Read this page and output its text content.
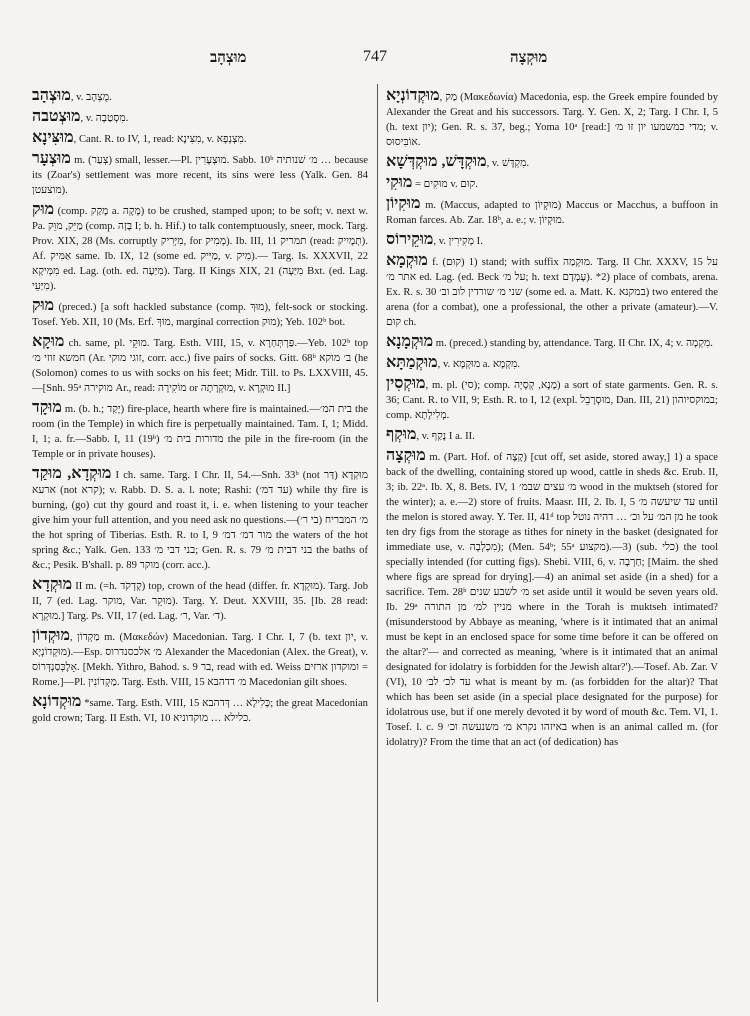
מוּצְהָב	747	מוּקְצָה

מוּצְהָב, v. מֻצְהָב.

מוּצְטבה, v. מִסְטַבָה.

מוּצִּינָא, Cant. R. to IV, 1, read: מִצִּינָא, v. מִצְנְפָא.

מוּצְעָר m. (צְעַר) small, lesser.—Pl. מוּצְעָרִין. Sabb. 10ᵇ מ׳ שׁנותיה … because its (Zoar's) settlement was more recent, its sins were less (Yalk. Gen. 84 מוצעטן).

מוּק (comp. מָקַק a. מָקָה) to be crushed, stamped upon; to be soft; v. next w. Pa. מַיֵּק, מוֵּק (comp. בָּזָה I; b. h. Hif.) to talk contemptuously, sneer, mock. Targ. Prov. XIX, 28 (Ms. corruptly מִיְּרִיק, for מְמִיק). Ib. III, 11 תמריק (read: תְמָיִיק). Af. אַמִּיק same. Ib. IX, 12 (some ed. מַיִּיק, v. מִיק).— Targ. Is. XXXVII, 22 מִמְּיקָא ed. Lag. (oth. ed. מִיַּעָה). Targ. II Kings XIX, 21 (מִיַּעָה Bxt. (ed. Lag. מִיַּעֵי).

מוּק (preced.) [a soft hackled substance (comp. מוּךְ), felt-sock or stocking. Tosef. Yeb. XII, 10 (Ms. Erf. מוּךְ, marginal correction מוּק); Yeb. 102ᵇ bot.

מוּקָא ch. same, pl. מוּקֵי. Targ. Esth. VIII, 15, v. פַּרְתְּחַרָא.—Yeb. 102ᵇ top חמשא זוזי מ׳ (Ar. זוגי מוקי, corr. acc.) five pairs of socks. Gitt. 68ᵇ ב׳ מוקא (he (Solomon) comes to us with socks on his feet; Midr. Till. to Ps. LXXVIII, 45.—[Snh. 95ᵃ מוקירה Ar., read: מוֹקִירָה or מוּקְרָתָה, v. מוּקְרָא II.]

מוּקָד m. (b. h.; יָקַד) fire-place, hearth where fire is maintained.—בית המ׳ the room (in the Temple) in which fire is perpetually maintained. Tam. I, 1; Midd. I, 1; a. fr.—Sabb. I, 11 (19ᵇ) מדורות בית מ׳ the pile in the fire-room (in the Temple or in private houses).

מוּקְדָא, מוּקַד I ch. same. Targ. I Chr. II, 54.—Snh. 33ᵇ (not דַּר) מוּקַדָא ארעא (not קרא); v. Rabb. D. S. a. l. note; Rashi: (עד דמ׳) while thy fire is burning, (go) cut thy gourd and roast it, i. e. when listening to your teacher give him your full attention, and you need ask no questions.—(בי ר׳) מ׳ המבריח the hot spring of Tiberias. Esth. R. to I, 9 מור דמ׳ דמ׳ the waters of the hot spring &c.; Yalk. Gen. 133 בני דבי מ׳; Gen. R. s. 79 בני דבית מ׳ the baths of &c.; Pesik. B'shall. p. 89 מוקר (corr. acc.).

מוּקְדָא II m. (=h. קָדְקֹד) top, crown of the head (differ. fr. מוּקְדָא). Targ. Job II, 7 (ed. Lag. מוקר, Var. מוּקֵר). Targ. Y. Deut. XXVIII, 35. [Ib. 28 read: מוּקְרָא.] Targ. Ps. VII, 17 (ed. Lag. ר׳, Var. ד׳).

מוּקְדוֹן, מַקְדוֹן m. (Μακεδών) Macedonian. Targ. I Chr. I, 7 (b. text יון, v. מוּקְדוֹנְיָא).—Esp. מ׳ אלכסנדרוס Alexander the Macedonian (Alex. the Great), v. אָלֶכְּסַנְדְּרוֹס. [Mekh. Yithro, Bahod. s. 9 בר, read with ed. Weiss ומוקדון ארזים = Rome.]—Pl. מַקְדוֹנִין. Targ. Esth. VIII, 15 מ׳ דדהבא Macedonian gilt shoes.

מוּקְדוֹנָא *same. Targ. Esth. VIII, 15 כְּלִילָא … דְּדהבא; the great Macedonian gold crown; Targ. II Esth. VI, 10 כלילא … מוקדוניא.

מוּקְדוֹנְיָא, מַק (Μακεδωνία) Macedonia, esp. the Greek empire founded by Alexander the Great and his successors. Targ. Y. Gen. X, 2; Targ. I Chr. I, 5 (h. text יון); Gen. R. s. 37, beg.; Yoma 10ᵃ [read:] מדי כמשמעו יון זו מ׳; v. אוֹבִּיסוּס.

מוּקְדָּשׁ, מוּקְדְּשָׁא, v. מִקְדָּשׁ.

מוּקִי = מוּקִים v. קוּם.

מוּקִיוֹן m. (Maccus, adapted to מוּקְיוֹן) Maccus or Macchus, a buffoon in Roman farces. Ab. Zar. 18ᵇ, a. e.; v. מוּקְיוֹן.

מוּקֵירוֹס, v. מְקִירִין I.

מוּקְמָא f. (קוּם) 1) stand; with suffix מוּקְמַה. Targ. II Chr. XXXV, 15 על אתר מ׳ ed. Lag. (ed. Beck על מ׳; h. text עָמְדָם). *2) place of combats, arena. Ex. R. s. 30 שני מ׳ שורדין לוב וב׳ (some ed. a. Matt. K. במקנא) two entered the arena (for a combat), one a professional, the other a private (amateur).—V. קוּם ch.

מוּקְמָנָא m. (preced.) standing by, attendance. Targ. II Chr. IX, 4; v. מִקְמָה.

מוּקְמַתָּא, v. מוּקְמָא a. מִקְמָא.

מוּקְסִין, m. pl. (סי); comp. מָנָא, קְסָיָה) a sort of state garments. Gen. R. s. 36; Cant. R. to VII, 9; Esth. R. to I, 12 (expl. מוּסְרָבֵל, Dan. III, 21) במוקסיוהון; comp. מְלִילָתָא.

מוּקְף, v. נָקַף I a. II.

מוּקְצָה m. (Part. Hof. of קָצָה) [cut off, set aside, stored away,] 1) a space back of the dwelling, containing stored up wood, cattle in sheds &c. Erub. II, 3; ib. 22ᵃ. Ib. X, 8. Bets. IV, 1 מ׳ עצים שבמ׳ wood in the muktseh (stored for the winter); a. e.—2) store of fruits. Maasr. III, 2. Ib. I, 5 עד שיעשה מ׳ until the melon is stored away. Y. Ter. II, 41ᵈ top מן המ׳ על וכ׳ … דהיה נוטל he took ten dry figs from the storage as tithes for ninety in the basket (designated for immediate use, v. מִכְלְבָה); (Men. 54ᵇ; 55ᵃ מקצוע).—3) (sub. כלי) the tool specially intended (for cutting figs). Shebi. VIII, 6, v. חַרְבָה; [Maim. the shed where figs are spread for drying].—4) an animal set aside (in a shed) for a sacrifice. Tem. 28ᵇ מ׳ לשבע שנים set aside until it would be seven years old. Ib. 29ᵃ מניין למ׳ מן התורה where in the Torah is muktseh intimated? (misunderstood by Abbaye as meaning, 'where is it intimated that an animal must be kept in an enclosed space for some time before it can be offered on the altar?'— and corrected as meaning, 'where is it intimated that an animal designated for idolatry is forbidden for the Jewish altar?').—Tosef. Ab. Zar. V (VI), 10 עד לכ׳ לב׳ what is meant by m. (as forbidden for the altar)? That which has been set aside (in a special place designated for the purpose) for idolatrous use, but if one merely devoted it by word of mouth &c. Tem. VI, 1. Tosef. l. c. 9 באיזהו נקרא מ׳ משנעשה וכ׳ when is an animal called m. (for idolatry)? From the time that an act (of dedication) has
